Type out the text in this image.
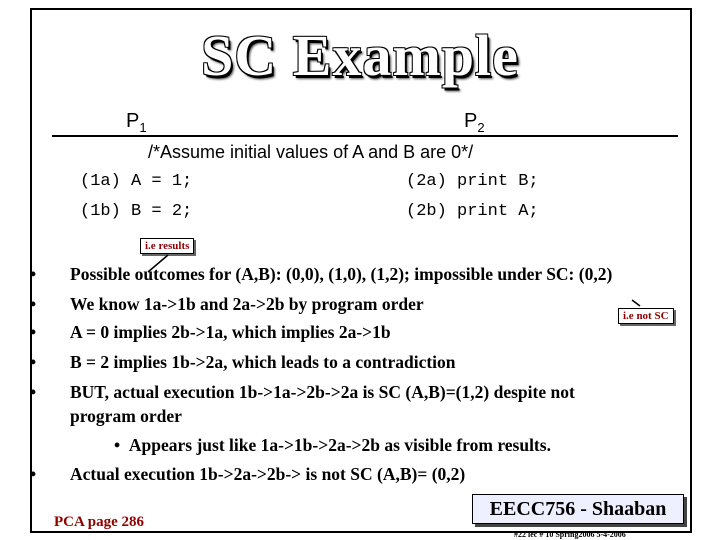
SC Example
$P_1$	$P_2$
/*Assume initial values of A and B are 0*/
(1a) A = 1;	(2a) print B;
(1b) B = 2;	(2b) print A;
i.e results
i.e not SC
• Possible outcomes for (A,B): (0,0), (1,0), (1,2); impossible under SC: (0,2)
• We know 1a->1b and 2a->2b by program order
• A = 0 implies 2b->1a, which implies 2a->1b
• B = 2 implies 1b->2a, which leads to a contradiction
• BUT, actual execution 1b->1a->2b->2a is SC (A,B)=(1,2) despite not
program order
• Appears just like 1a->1b->2a->2b as visible from results.
• Actual execution 1b->2a->2b-> is not SC (A,B)= (0,2)
PCA page 286
EECC756 - Shaaban
#22 lec # 10 Spring2006 5-4-2006
